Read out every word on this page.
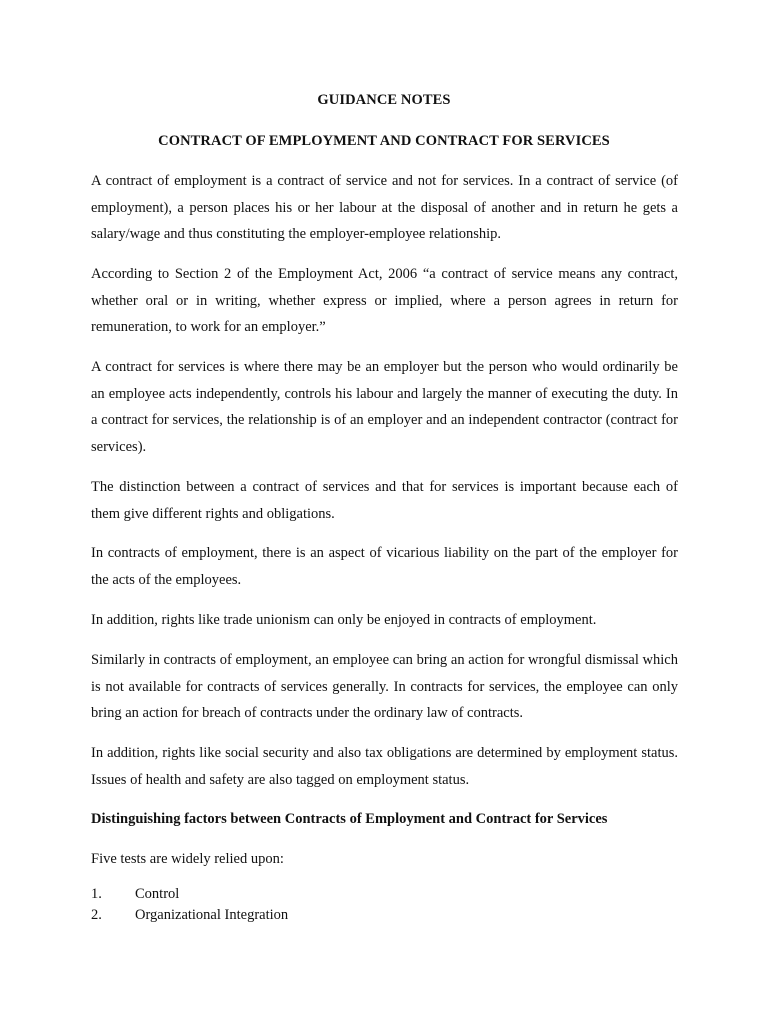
GUIDANCE NOTES
CONTRACT OF EMPLOYMENT AND CONTRACT FOR SERVICES

A contract of employment is a contract of service and not for services. In a contract of service (of employment), a person places his or her labour at the disposal of another and in return he gets a salary/wage and thus constituting the employer-employee relationship.

According to Section 2 of the Employment Act, 2006 “a contract of service means any contract, whether oral or in writing, whether express or implied, where a person agrees in return for remuneration, to work for an employer.”

A contract for services is where there may be an employer but the person who would ordinarily be an employee acts independently, controls his labour and largely the manner of executing the duty. In a contract for services, the relationship is of an employer and an independent contractor (contract for services).

The distinction between a contract of services and that for services is important because each of them give different rights and obligations.

In contracts of employment, there is an aspect of vicarious liability on the part of the employer for the acts of the employees.

In addition, rights like trade unionism can only be enjoyed in contracts of employment.

Similarly in contracts of employment, an employee can bring an action for wrongful dismissal which is not available for contracts of services generally. In contracts for services, the employee can only bring an action for breach of contracts under the ordinary law of contracts.

In addition, rights like social security and also tax obligations are determined by employment status. Issues of health and safety are also tagged on employment status.

Distinguishing factors between Contracts of Employment and Contract for Services
Five tests are widely relied upon:
1. Control
2. Organizational Integration
